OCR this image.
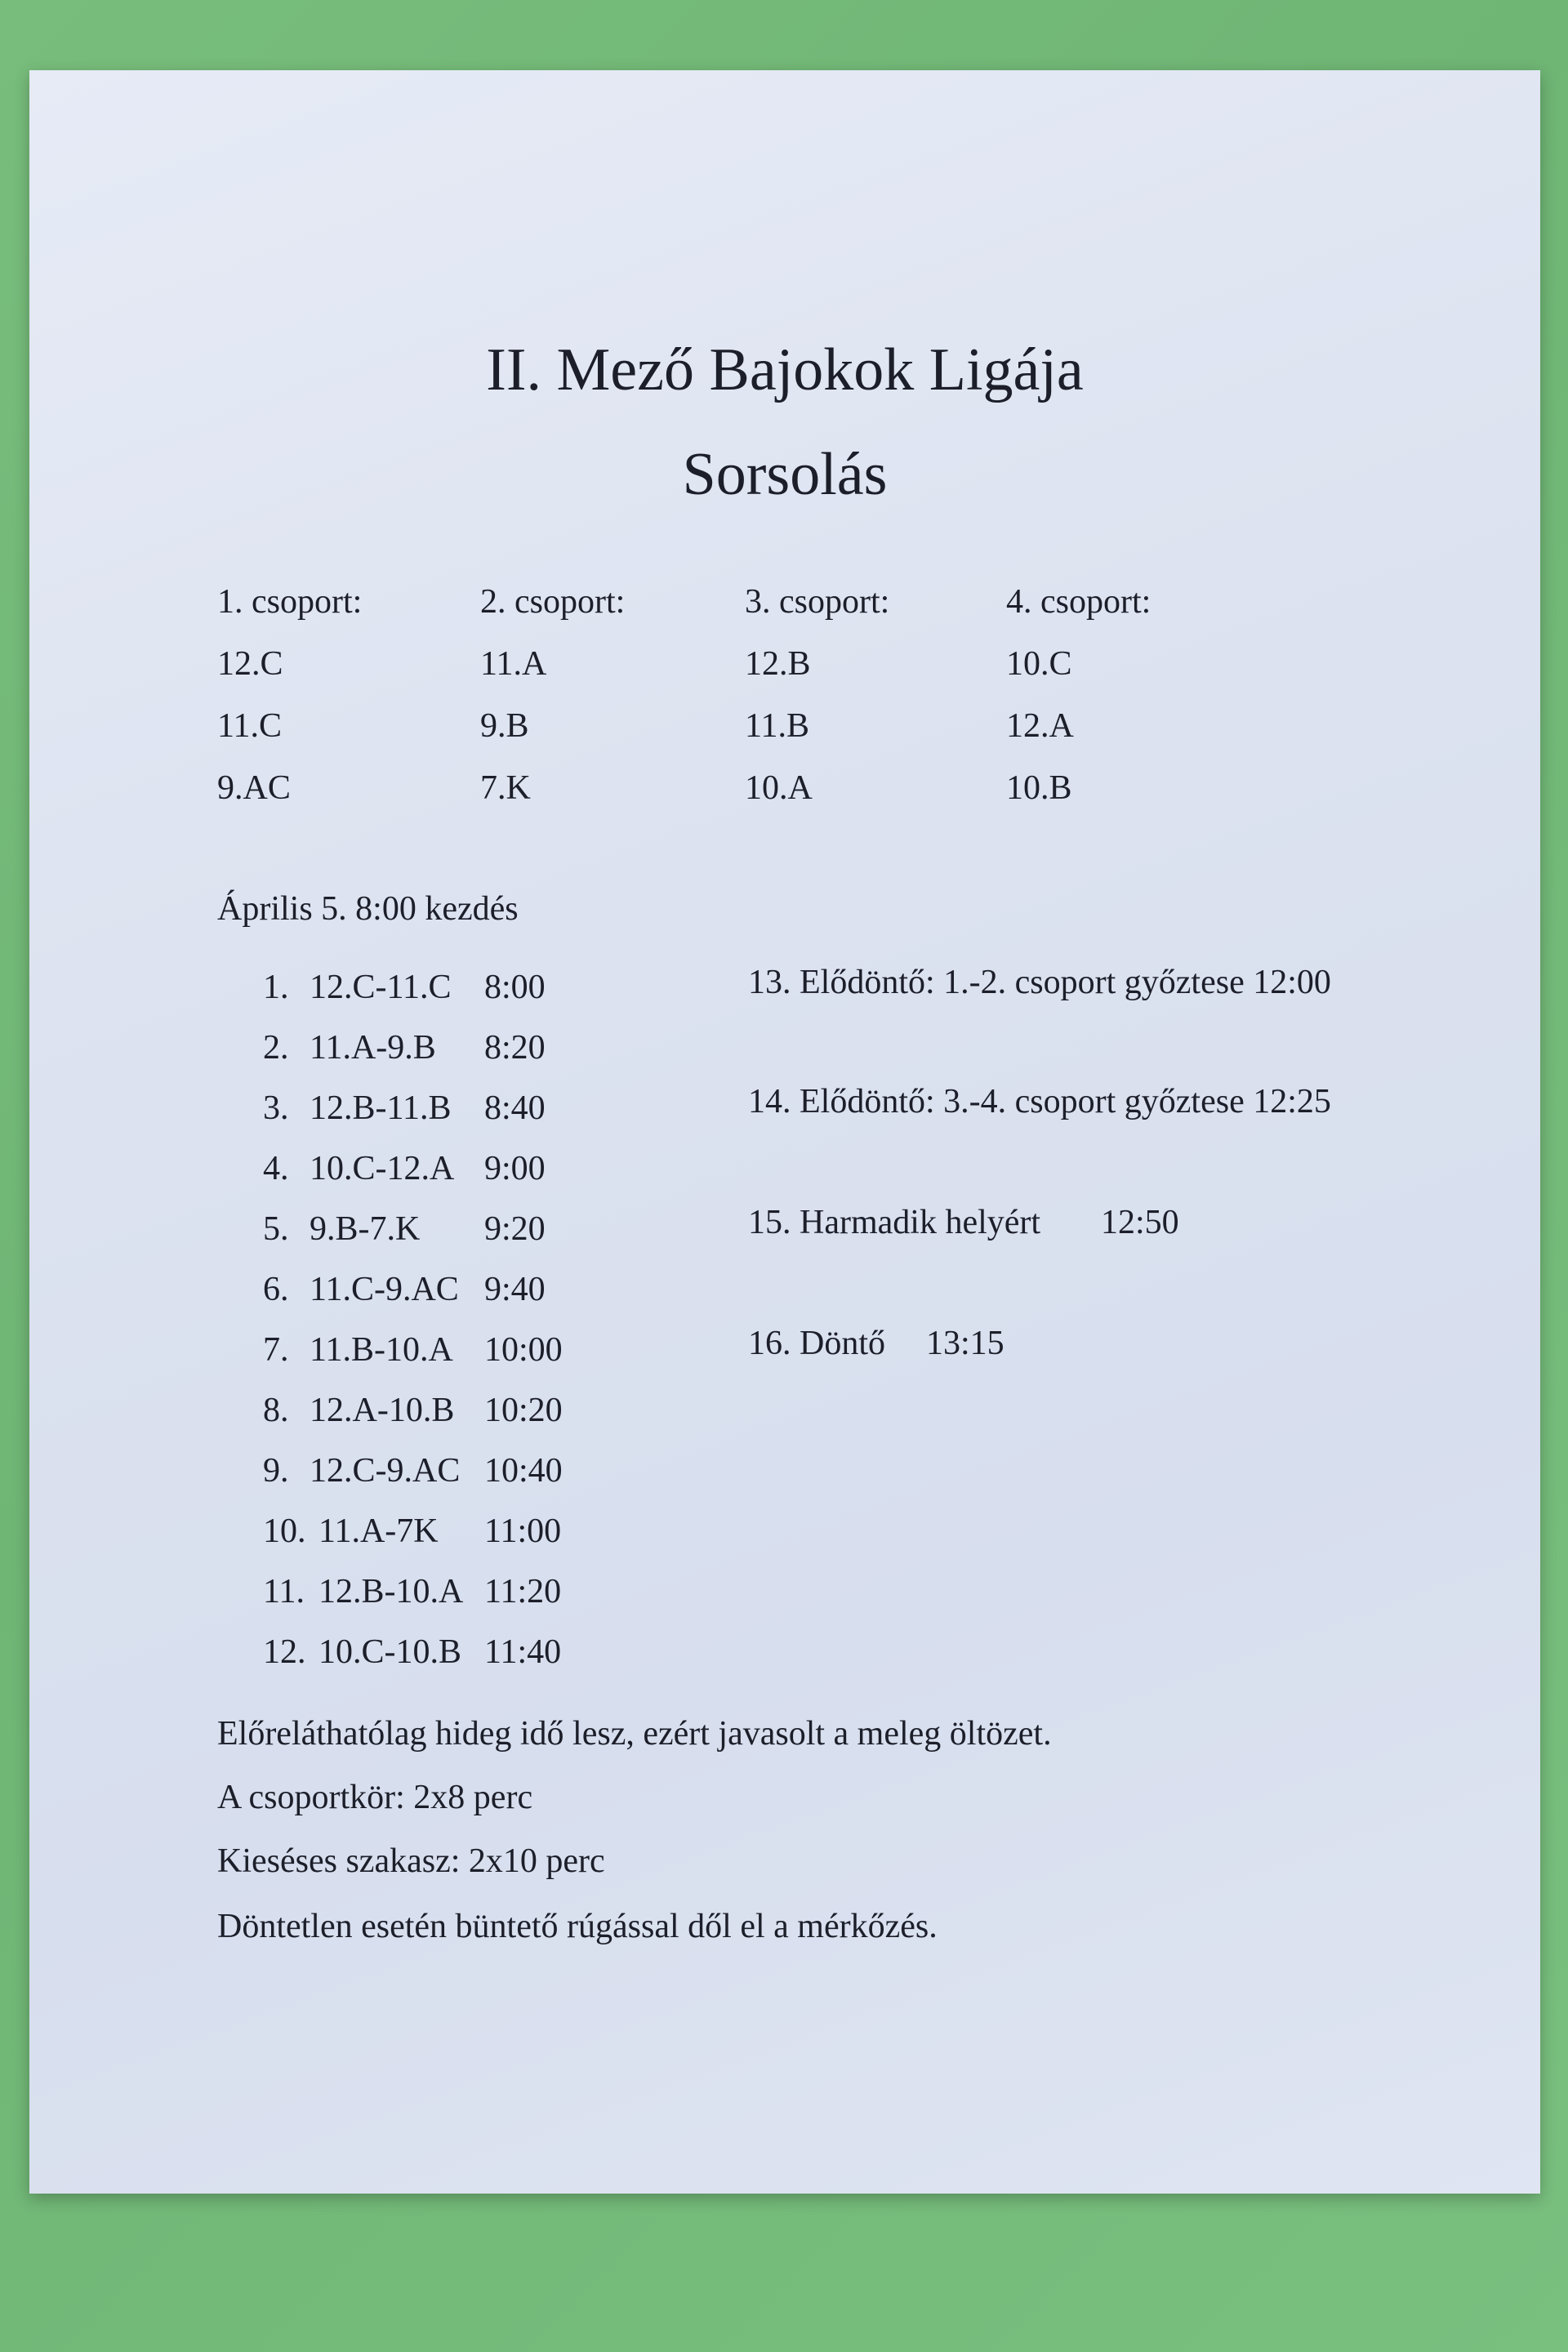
II. Mező Bajokok Ligája
Sorsolás
1. csoport:
12.C
11.C
9.AC
2. csoport:
11.A
9.B
7.K
3. csoport:
12.B
11.B
10.A
4. csoport:
10.C
12.A
10.B
Április 5. 8:00 kezdés
1. 12.C-11.C 8:00
2. 11.A-9.B 8:20
3. 12.B-11.B 8:40
4. 10.C-12.A 9:00
5. 9.B-7.K 9:20
6. 11.C-9.AC 9:40
7. 11.B-10.A 10:00
8. 12.A-10.B 10:20
9. 12.C-9.AC 10:40
10. 11.A-7K 11:00
11. 12.B-10.A 11:20
12. 10.C-10.B 11:40
13. Elődöntő: 1.-2. csoport győztese 12:00
14. Elődöntő: 3.-4. csoport győztese 12:25
15. Harmadik helyért 12:50
16. Döntő 13:15
Előreláthatólag hideg idő lesz, ezért javasolt a meleg öltözet.
A csoportkör: 2x8 perc
Kieséses szakasz: 2x10 perc
Döntetlen esetén büntető rúgással dől el a mérkőzés.
